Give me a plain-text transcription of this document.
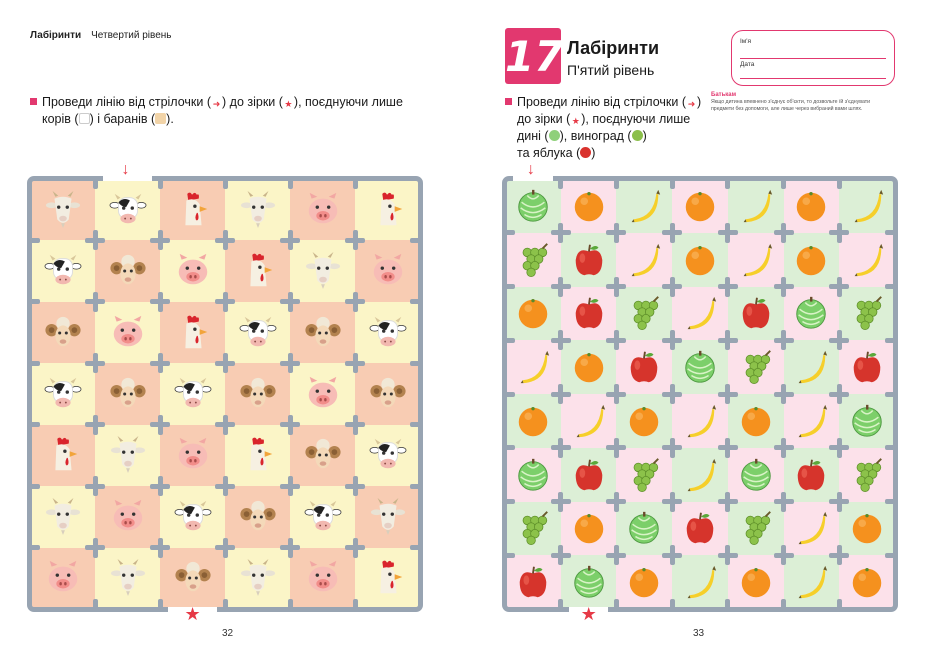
Лабіринти Четвертий рівень
Проведи лінію від стрілочки ( ➜ ) до зірки (★), поєднуючи лише
корів ( ) і баранів ( ).
↓
★
32
17 Лабіринти
П'ятий рівень
Ім'я
Дата
Батькам
Якщо дитина впевнено з'єднує об'єкти, то дозвольте їй з'єднувати предмети без допомоги, але лише через вибраний вами шлях.
Проведи лінію від стрілочки ( ➜ )
до зірки (★), поєднуючи лише
дині ( ), виноград ( )
та яблука ( )
↓
★
33
